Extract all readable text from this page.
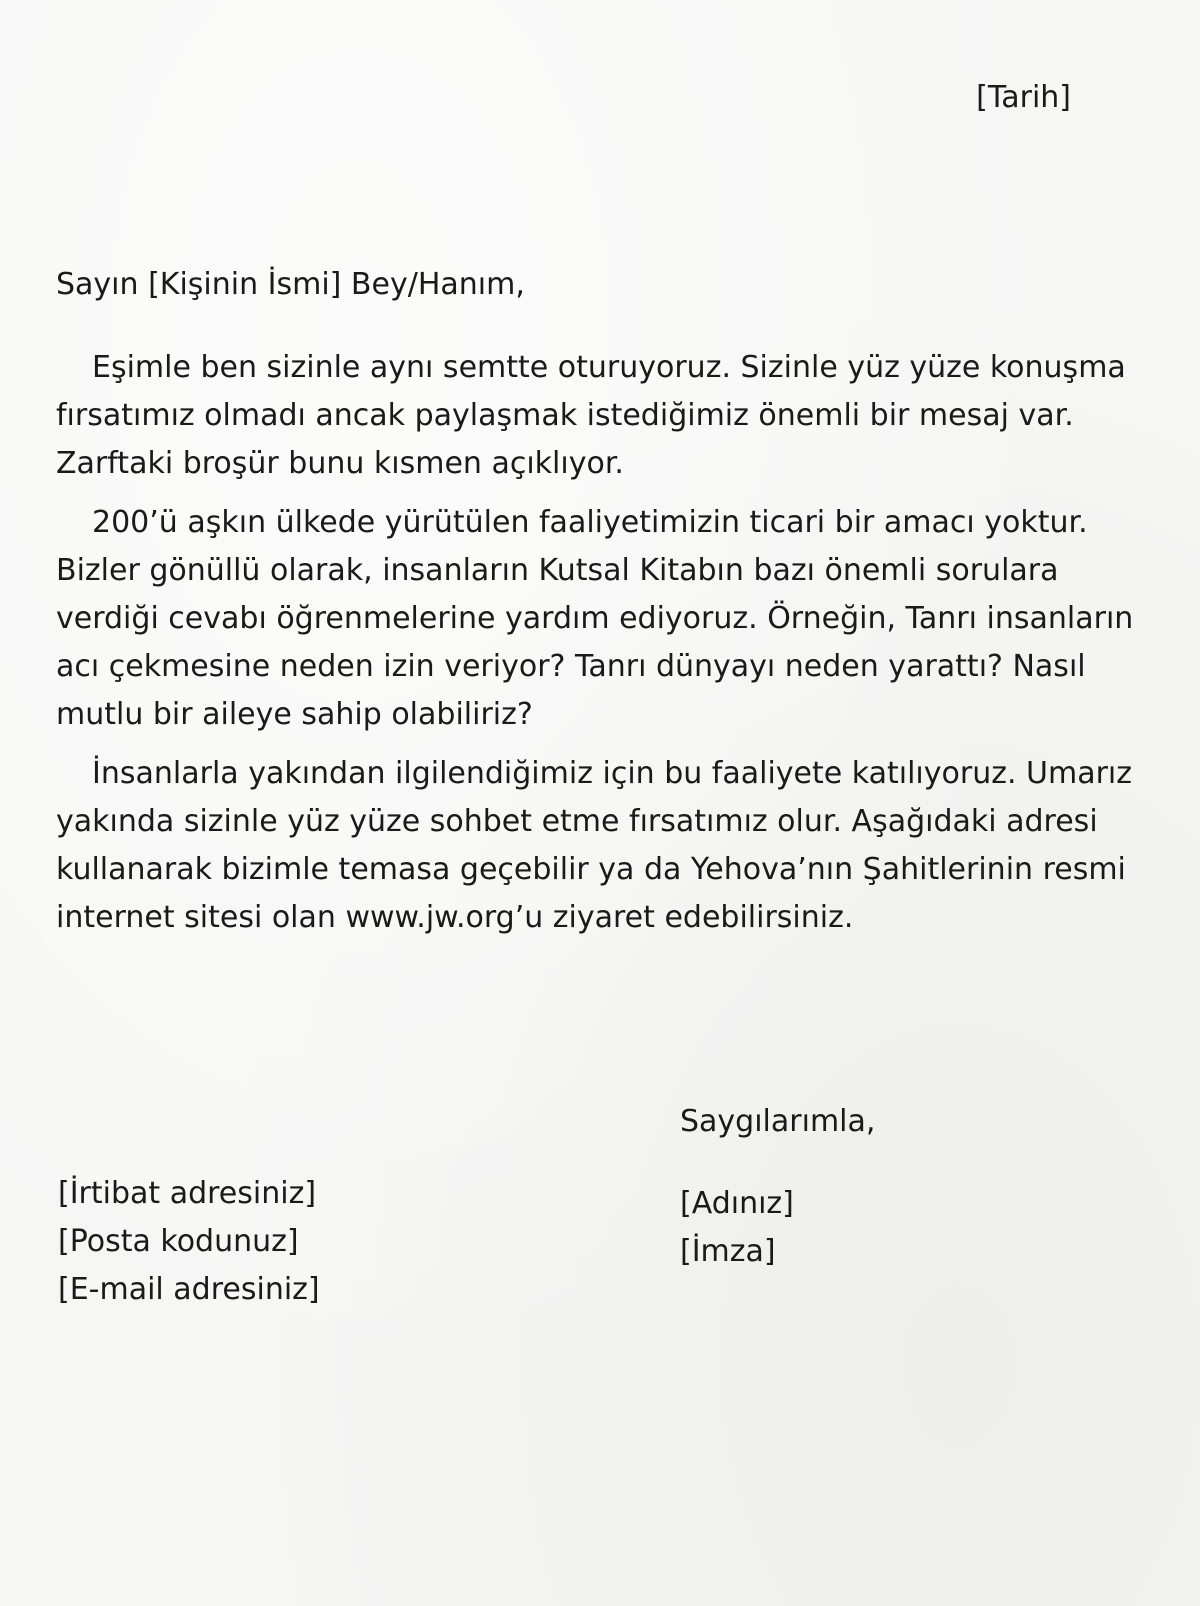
[Tarih]
Sayın [Kişinin İsmi] Bey/Hanım,

Eşimle ben sizinle aynı semtte oturuyoruz. Sizinle yüz yüze konuşma fırsatımız olmadı ancak paylaşmak istediğimiz önemli bir mesaj var. Zarftaki broşür bunu kısmen açıklıyor.

200’ü aşkın ülkede yürütülen faaliyetimizin ticari bir amacı yoktur. Bizler gönüllü olarak, insanların Kutsal Kitabın bazı önemli sorulara verdiği cevabı öğrenmelerine yardım ediyoruz. Örneğin, Tanrı insanların acı çekmesine neden izin veriyor? Tanrı dünyayı neden yarattı? Nasıl mutlu bir aileye sahip olabiliriz?

İnsanlarla yakından ilgilendiğimiz için bu faaliyete katılıyoruz. Umarız yakında sizinle yüz yüze sohbet etme fırsatımız olur. Aşağıdaki adresi kullanarak bizimle temasa geçebilir ya da Yehova’nın Şahitlerinin resmi internet sitesi olan www.jw.org’u ziyaret edebilirsiniz.

Saygılarımla,
[Adınız]
[İmza]
[İrtibat adresiniz]
[Posta kodunuz]
[E-mail adresiniz]
